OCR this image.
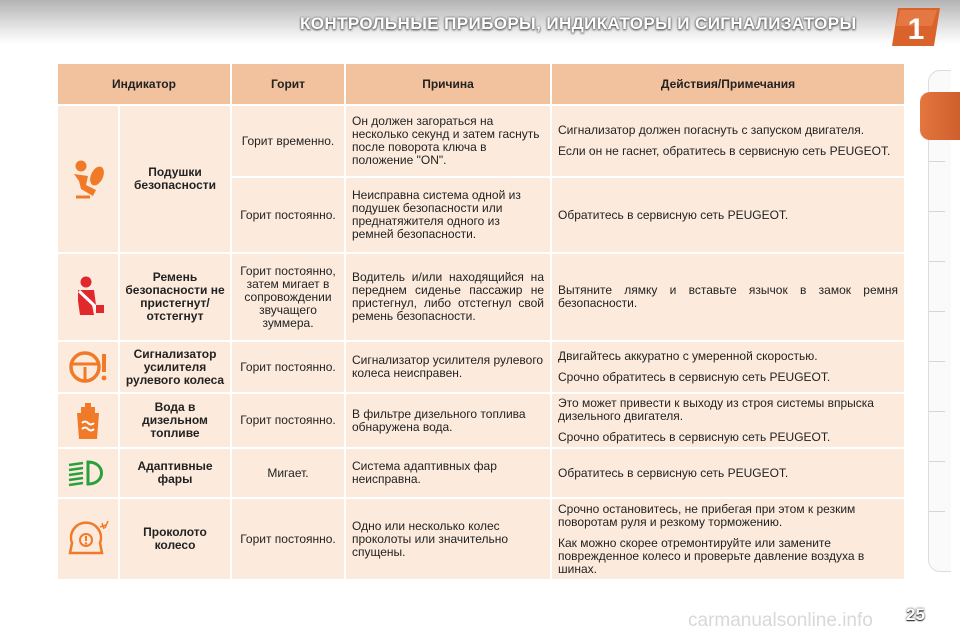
КОНТРОЛЬНЫЕ ПРИБОРЫ, ИНДИКАТОРЫ И СИГНАЛИЗАТОРЫ 1
Индикатор		Горит	Причина	Действия/Примечания
	Подушки безопасности	Горит временно.	Он должен загораться на несколько секунд и затем гаснуть после поворота ключа в положение "ON".	Сигнализатор должен погаснуть с запуском двигателя.
Если он не гаснет, обратитесь в сервисную сеть PEUGEOT.

		Горит постоянно.	Неисправна система одной из подушек безопасности или преднатяжителя одного из ремней безопасности.	Обратитесь в сервисную сеть PEUGEOT.
	Ремень безопасности не пристегнут/ отстегнут	Горит постоянно, затем мигает в сопровождении звучащего зуммера.	Водитель и/или находящийся на переднем сиденье пассажир не пристегнул, либо отстегнул свой ремень безопасности.	Вытяните лямку и вставьте язычок в замок ремня безопасности.
	Сигнализатор усилителя рулевого колеса	Горит постоянно.	Сигнализатор усилителя рулевого колеса неисправен.	Двигайтесь аккуратно с умеренной скоростью.
Срочно обратитесь в сервисную сеть PEUGEOT.

	Вода в дизельном топливе	Горит постоянно.	В фильтре дизельного топлива обнаружена вода.	Это может привести к выходу из строя системы впрыска дизельного двигателя.
Срочно обратитесь в сервисную сеть PEUGEOT.

	Адаптивные фары	Мигает.	Система адаптивных фар неисправна.	Обратитесь в сервисную сеть PEUGEOT.
	Проколото колесо	Горит постоянно.	Одно или несколько колес проколоты или значительно спущены.	Срочно остановитесь, не прибегая при этом к резким поворотам руля и резкому торможению.
Как можно скорее отремонтируйте или замените поврежденное колесо и проверьте давление воздуха в шинах.
carmanualsonline.info 25
